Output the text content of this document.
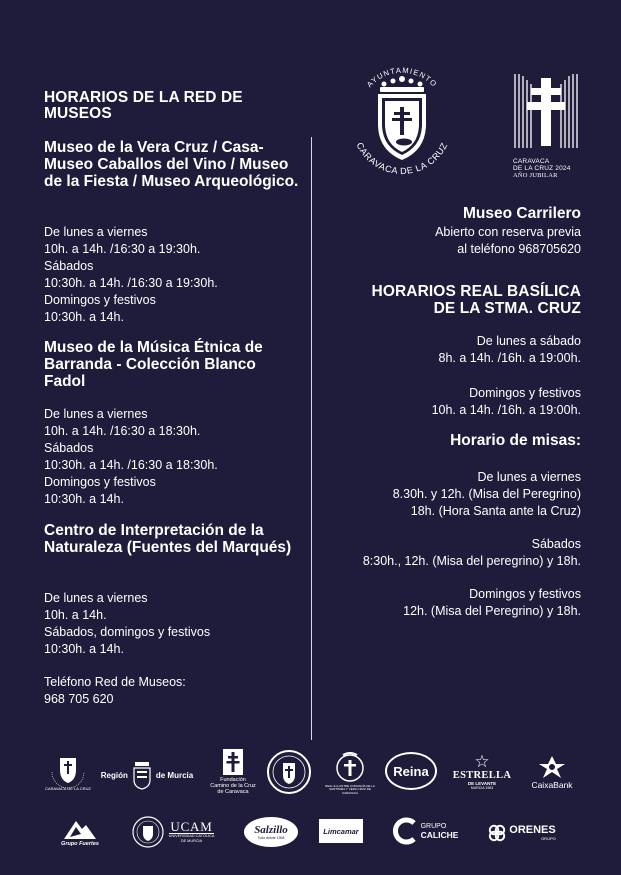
HORARIOS DE LA RED DE MUSEOS
Museo de la Vera Cruz / Casa-Museo Caballos del Vino / Museo de la Fiesta / Museo Arqueológico.
De lunes a viernes
10h. a 14h. /16:30 a 19:30h.
Sábados
10:30h. a 14h. /16:30 a 19:30h.
Domingos y festivos
10:30h. a 14h.
Museo de la Música Étnica de Barranda - Colección Blanco Fadol
De lunes a viernes
10h. a 14h. /16:30 a 18:30h.
Sábados
10:30h. a 14h. /16:30 a 18:30h.
Domingos y festivos
10:30h. a 14h.
Centro de Interpretación de la Naturaleza (Fuentes del Marqués)
De lunes a viernes
10h. a 14h.
Sábados, domingos y festivos
10:30h. a 14h.
Teléfono Red de Museos:
968 705 620
AYUNTAMIENTO
CARAVACA DE LA CRUZ
CARAVACA
DE LA CRUZ 2024
AÑO JUBILAR
Museo Carrilero
Abierto con reserva previa
al teléfono 968705620
HORARIOS REAL BASÍLICA
DE LA STMA. CRUZ
De lunes a sábado
8h. a 14h. /16h. a 19:00h.
Domingos y festivos
10h. a 14h. /16h. a 19:00h.
Horario de misas:
De lunes a viernes
8.30h. y 12h. (Misa del Peregrino)
18h. (Hora Santa ante la Cruz)
Sábados
8:30h., 12h. (Misa del peregrino) y 18h.
Domingos y festivos
12h. (Misa del Peregrino) y 18h.
CARAVACA DE LA CRUZ
Región	de Murcia
Fundación
Camino de la Cruz
de Caravaca
REAL E ILUSTRE COFRADÍA DE LA SANTÍSIMA Y VERA CRUZ DE CARAVACA
Reina	☆
ESTRELLA
DE LEVANTE
MURCIA 1963	CaixaBank
Grupo Fuertes
UCAM
UNIVERSIDAD CATÓLICA
DE MURCIA
Salzillo
Todo desde 1998
Limcamar
GRUPO
CALICHE	ORENES
GRUPO
